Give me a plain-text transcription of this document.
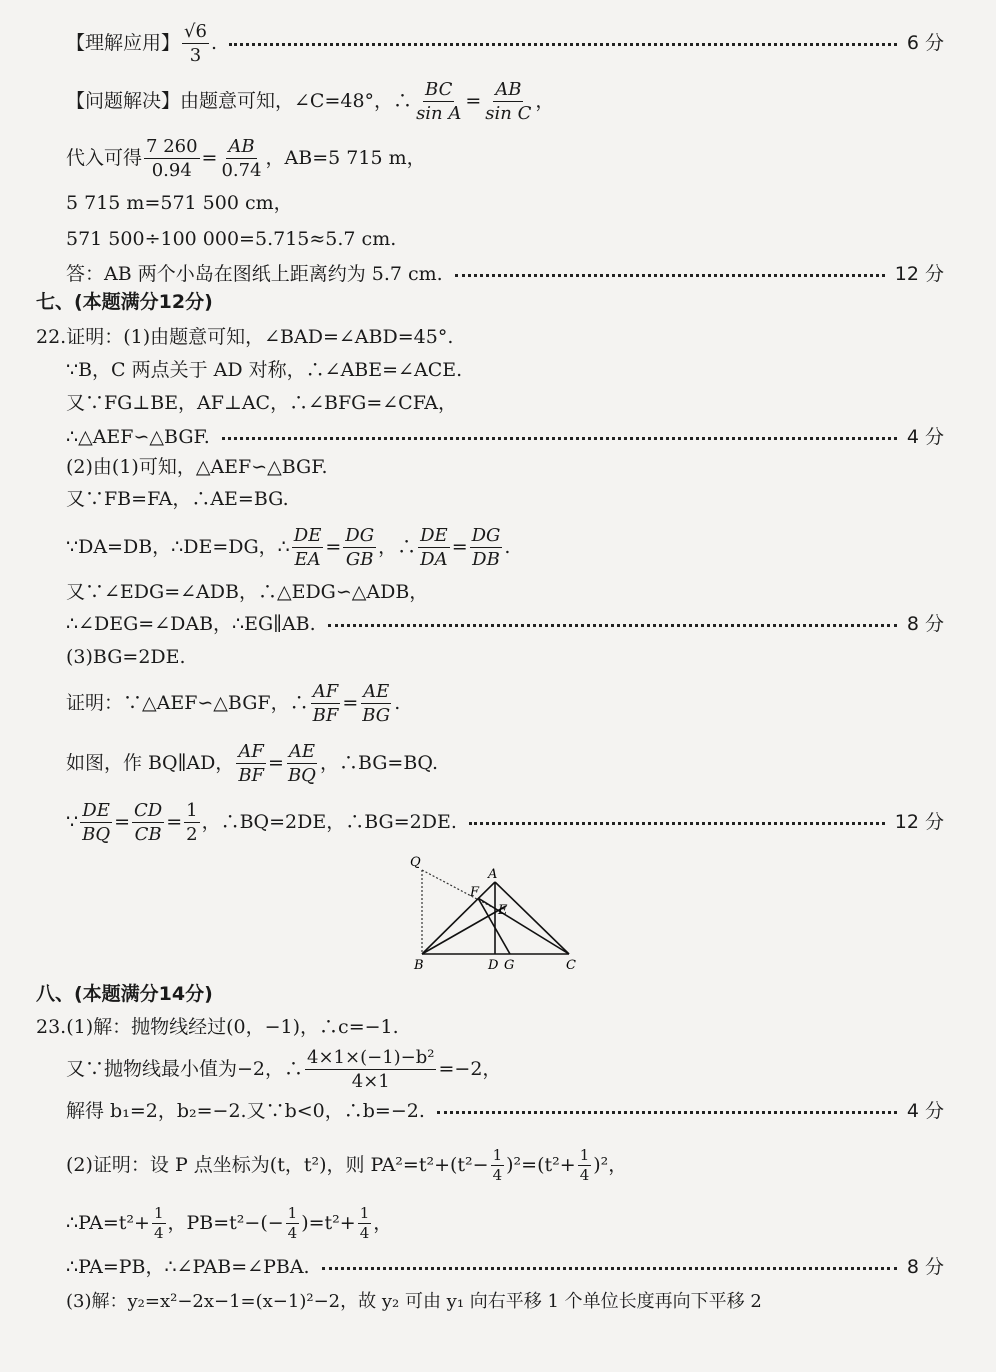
【理解应用】 $\frac{√6}{3}$ .	6 分
【问题解决】由题意可知，∠C=48°，∴ $\frac{BC}{\text{sin A}} = \frac{AB}{\text{sin C}}$ ，
代入可得 $\frac{7 260}{0.94} = \frac{AB}{0.74}$ ，AB=5 715 m，
5 715 m=571 500 cm，
571 500÷100 000=5.715≈5.7 cm.
答：AB 两个小岛在图纸上距离约为 5.7 cm.	12 分
七、(本题满分12分)
22.证明：(1)由题意可知，∠BAD=∠ABD=45°.
∵B，C 两点关于 AD 对称，∴∠ABE=∠ACE.
又∵FG⊥BE，AF⊥AC，∴∠BFG=∠CFA，
∴△AEF∽△BGF.	4 分
(2)由(1)可知，△AEF∽△BGF.
又∵FB=FA，∴AE=BG.
∵DA=DB，∴DE=DG，∴ $\frac{DE}{EA} = \frac{DG}{GB}$ ，∴ $\frac{DE}{DA} = \frac{DG}{DB}$ .
又∵∠EDG=∠ADB，∴△EDG∽△ADB，
∴∠DEG=∠DAB，∴EG∥AB.	8 分
(3)BG=2DE.
证明：∵△AEF∽△BGF，∴ $\frac{AF}{BF} = \frac{AE}{BG}$ .
如图，作 BQ∥AD， $\frac{AF}{BF} = \frac{AE}{BQ}$ ，∴BG=BQ.
∵ $\frac{DE}{BQ} = \frac{CD}{CB} = \frac{1}{2}$ ，∴BQ=2DE，∴BG=2DE.	12 分
Q
A
F
E
B	D G	C
八、(本题满分14分)
23.(1)解：抛物线经过(0，−1)，∴c=−1.
又∵抛物线最小值为−2，∴ $\frac{\text{4×1×(−1)−b²}}{4\times 1} =-2$，
解得 b₁=2，b₂=−2.又∵b<0，∴b=−2.	4 分
(2)证明：设 P 点坐标为(t，t²)，则 $PA^2=t^2+(t^2- \frac{1}{4} )^2=(t^2+ \frac{1}{4} )^2$，
∴PA=t²+ $\frac{1}{4}$ ，$PB=t^2-(- \frac{1}{4} )=t^2+ \frac{1}{4}$ ，
∴PA=PB，∴∠PAB=∠PBA.	8 分
(3)解：y₂=x²−2x−1=(x−1)²−2，故 y₂ 可由 y₁ 向右平移 1 个单位长度再向下平移 2
